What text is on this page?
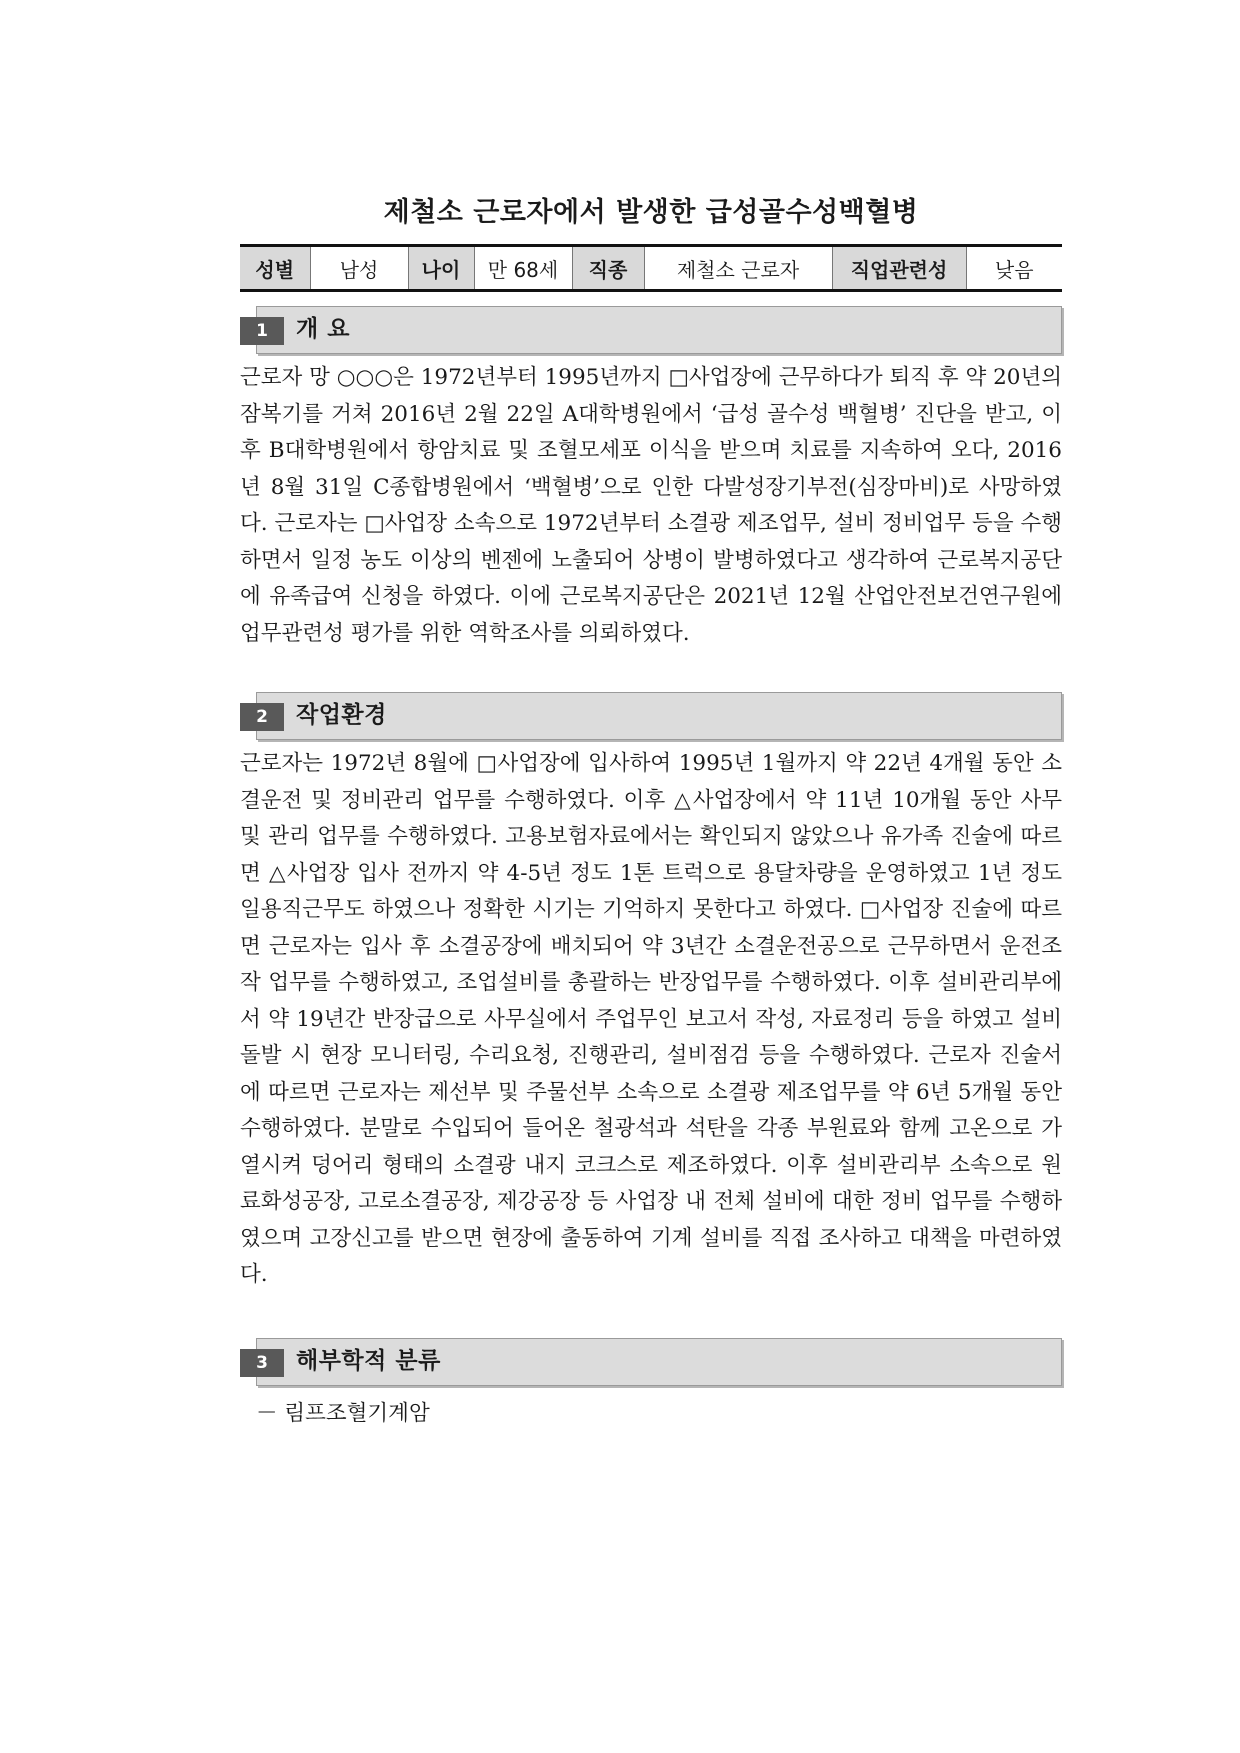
제철소 근로자에서 발생한 급성골수성백혈병
성별	남성	나이	만 68세	직종	제철소 근로자	직업관련성	낮음
1	개 요

근로자 망 ○○○은 1972년부터 1995년까지 □사업장에 근무하다가 퇴직 후 약 20년의 잠복기를 거쳐 2016년 2월 22일 A대학병원에서 ‘급성 골수성 백혈병’ 진단을 받고, 이후 B대학병원에서 항암치료 및 조혈모세포 이식을 받으며 치료를 지속하여 오다, 2016년 8월 31일 C종합병원에서 ‘백혈병’으로 인한 다발성장기부전(심장마비)로 사망하였다. 근로자는 □사업장 소속으로 1972년부터 소결광 제조업무, 설비 정비업무 등을 수행하면서 일정 농도 이상의 벤젠에 노출되어 상병이 발병하였다고 생각하여 근로복지공단에 유족급여 신청을 하였다. 이에 근로복지공단은 2021년 12월 산업안전보건연구원에 업무관련성 평가를 위한 역학조사를 의뢰하였다.

2	작업환경

근로자는 1972년 8월에 □사업장에 입사하여 1995년 1월까지 약 22년 4개월 동안 소결운전 및 정비관리 업무를 수행하였다. 이후 △사업장에서 약 11년 10개월 동안 사무 및 관리 업무를 수행하였다. 고용보험자료에서는 확인되지 않았으나 유가족 진술에 따르면 △사업장 입사 전까지 약 4-5년 정도 1톤 트럭으로 용달차량을 운영하였고 1년 정도 일용직근무도 하였으나 정확한 시기는 기억하지 못한다고 하였다. □사업장 진술에 따르면 근로자는 입사 후 소결공장에 배치되어 약 3년간 소결운전공으로 근무하면서 운전조작 업무를 수행하였고, 조업설비를 총괄하는 반장업무를 수행하였다. 이후 설비관리부에서 약 19년간 반장급으로 사무실에서 주업무인 보고서 작성, 자료정리 등을 하였고 설비 돌발 시 현장 모니터링, 수리요청, 진행관리, 설비점검 등을 수행하였다. 근로자 진술서에 따르면 근로자는 제선부 및 주물선부 소속으로 소결광 제조업무를 약 6년 5개월 동안 수행하였다. 분말로 수입되어 들어온 철광석과 석탄을 각종 부원료와 함께 고온으로 가열시켜 덩어리 형태의 소결광 내지 코크스로 제조하였다. 이후 설비관리부 소속으로 원료화성공장, 고로소결공장, 제강공장 등 사업장 내 전체 설비에 대한 정비 업무를 수행하였으며 고장신고를 받으면 현장에 출동하여 기계 설비를 직접 조사하고 대책을 마련하였다.

3	해부학적 분류
－ 림프조혈기계암
